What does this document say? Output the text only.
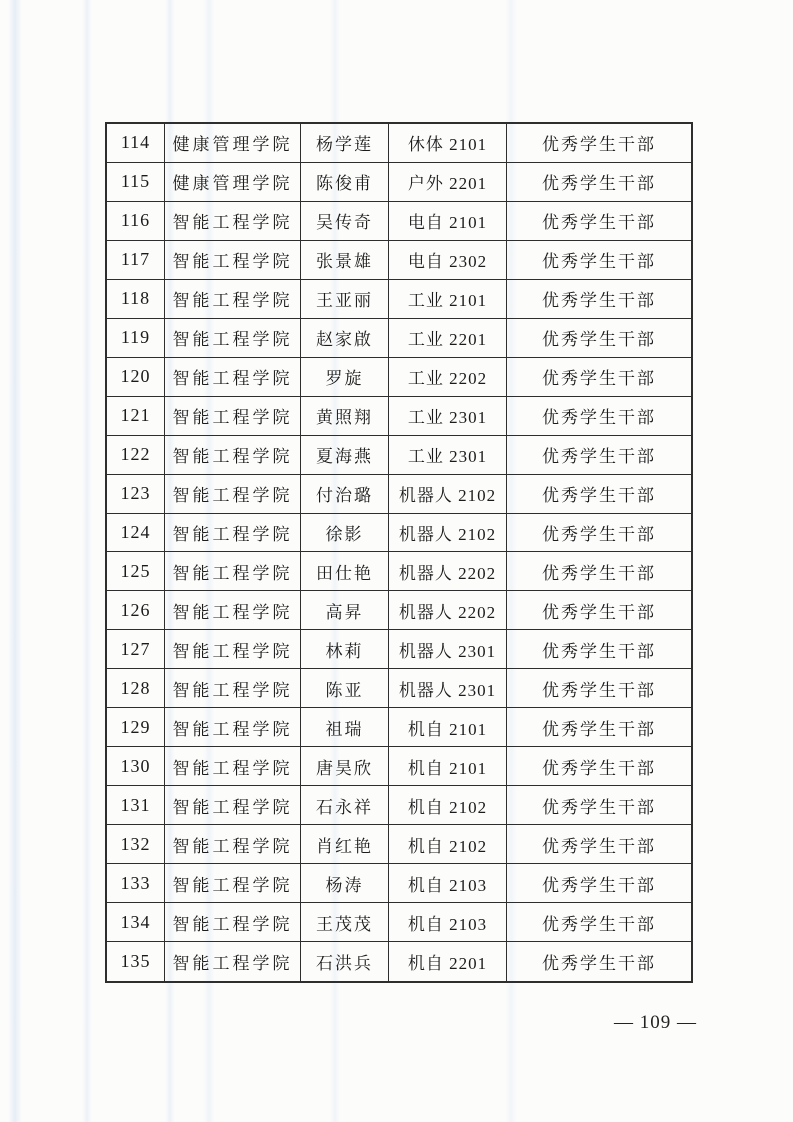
114	健康管理学院	杨学莲	休体 2101	优秀学生干部
115	健康管理学院	陈俊甫	户外 2201	优秀学生干部
116	智能工程学院	吴传奇	电自 2101	优秀学生干部
117	智能工程学院	张景雄	电自 2302	优秀学生干部
118	智能工程学院	王亚丽	工业 2101	优秀学生干部
119	智能工程学院	赵家啟	工业 2201	优秀学生干部
120	智能工程学院	罗旋	工业 2202	优秀学生干部
121	智能工程学院	黄照翔	工业 2301	优秀学生干部
122	智能工程学院	夏海燕	工业 2301	优秀学生干部
123	智能工程学院	付治璐	机器人 2102	优秀学生干部
124	智能工程学院	徐影	机器人 2102	优秀学生干部
125	智能工程学院	田仕艳	机器人 2202	优秀学生干部
126	智能工程学院	高昇	机器人 2202	优秀学生干部
127	智能工程学院	林莉	机器人 2301	优秀学生干部
128	智能工程学院	陈亚	机器人 2301	优秀学生干部
129	智能工程学院	祖瑞	机自 2101	优秀学生干部
130	智能工程学院	唐昊欣	机自 2101	优秀学生干部
131	智能工程学院	石永祥	机自 2102	优秀学生干部
132	智能工程学院	肖红艳	机自 2102	优秀学生干部
133	智能工程学院	杨涛	机自 2103	优秀学生干部
134	智能工程学院	王茂茂	机自 2103	优秀学生干部
135	智能工程学院	石洪兵	机自 2201	优秀学生干部
— 109 —
